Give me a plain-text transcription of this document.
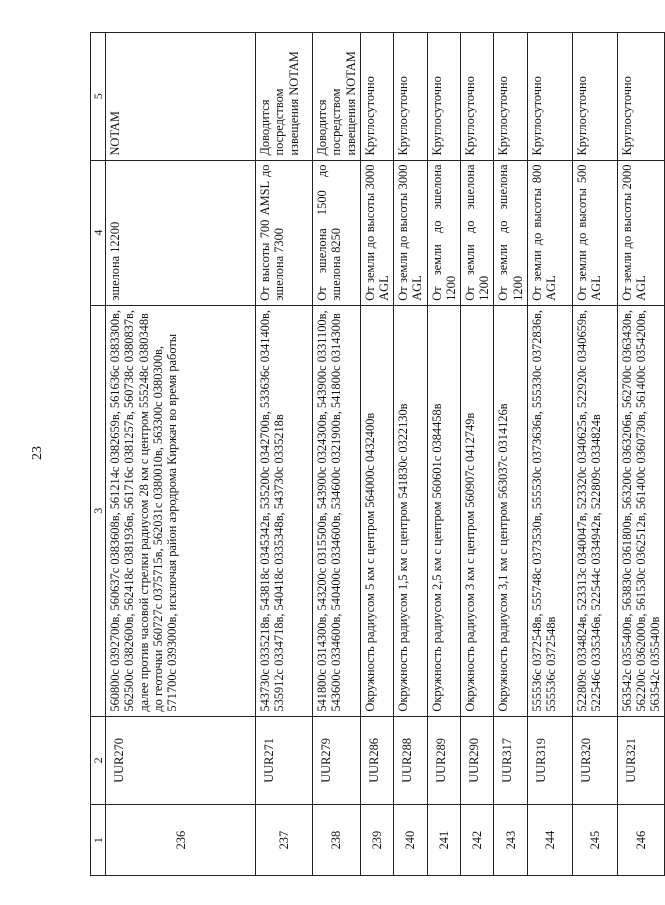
23
1	2	3	4	5
236	UUR270	560800с 0392700в, 560637с 0383608в, 561214с 0382659в, 561636с 0383300в, 562500с 0382600в, 562418с 0381936в, 561716с 0381257в, 560738с 0380837в, далее против часовой стрелки радиусом 28 км с центром 555248с 0380348в до геоточки 560727с 0375715в, 562031с 0380010в, 563300с 0380300в, 571700с 0393000в, исключая район аэродрома Киржач во время работы	эшелона 12200	NOTAM
237	UUR271	543730с 0335218в, 543818с 0345342в, 535200с 0342700в, 533636с 0341400в, 535912с 0334718в, 540418с 0335348в, 543730с 0335218в	От высоты 700 AMSL до эшелона 7300	Доводится посредством извещения NOTAM
238	UUR279	541800с 0314300в, 543200с 0315500в, 543900с 0324300в, 543900с 0331100в, 543600с 0334600в, 540400с 0334600в, 534600с 0321900в, 541800с 0314300в	От эшелона 1500 до эшелона 8250	Доводится посредством извещения NOTAM
239	UUR286	Окружность радиусом 5 км с центром 564000с 0432400в	От земли до высоты 3000 AGL	Круглосуточно
240	UUR288	Окружность радиусом 1,5 км с центром 541830с 0322130в	От земли до высоты 3000 AGL	Круглосуточно
241	UUR289	Окружность радиусом 2,5 км с центром 560601с 0384458в	От земли до эшелона 1200	Круглосуточно
242	UUR290	Окружность радиусом 3 км с центром 560907с 0412749в	От земли до эшелона 1200	Круглосуточно
243	UUR317	Окружность радиусом 3,1 км с центром 563037с 0314126в	От земли до эшелона 1200	Круглосуточно
244	UUR319	555536с 0372548в, 555748с 0373530в, 555530с 0373636в, 555330с 0372836в, 555536с 0372548в	От земли до высоты 800 AGL	Круглосуточно
245	UUR320	522809с 0334824в, 523313с 0340047в, 523320с 0340625в, 522920с 0340659в, 522546с 0335346в, 522544с 0334942в, 522809с 0334824в	От земли до высоты 500 AGL	Круглосуточно
246	UUR321	563542с 0355400в, 563830с 0361800в, 563200с 0363206в, 562700с 0363430в, 562200с 0362000в, 561530с 0362512в, 561400с 0360730в, 561400с 0354200в, 563542с 0355400в	От земли до высоты 2000 AGL	Круглосуточно
